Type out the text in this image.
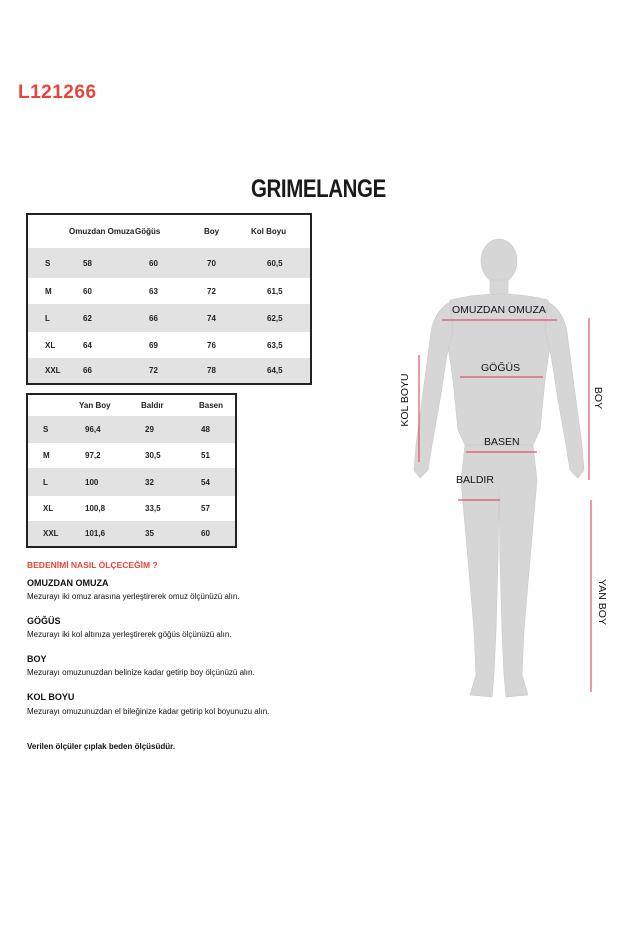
L121266
GRIMELANGE
	Omuzdan Omuza	Göğüs	Boy	Kol Boyu
S	58	60	70	60,5
M	60	63	72	61,5
L	62	66	74	62,5
XL	64	69	76	63,5
XXL	66	72	78	64,5
	Yan Boy	Baldır	Basen
S	96,4	29	48
M	97,2	30,5	51
L	100	32	54
XL	100,8	33,5	57
XXL	101,6	35	60
BEDENİMİ NASIL ÖLÇECEĞİM ?
OMUZDAN OMUZA
Mezurayı iki omuz arasına yerleştirerek omuz ölçünüzü alın.
GÖĞÜS
Mezurayı iki kol altınıza yerleştirerek göğüs ölçünüzü alın.
BOY
Mezurayı omuzunuzdan belinize kadar getirip boy ölçünüzü alın.
KOL BOYU
Mezurayı omuzunuzdan el bileğinize kadar getirip kol boyunuzu alın.
Verilen ölçüler çıplak beden ölçüsüdür.
OMUZDAN OMUZA
GÖĞÜS
BASEN
BALDIR
KOL BOYU	BOY
YAN BOY
